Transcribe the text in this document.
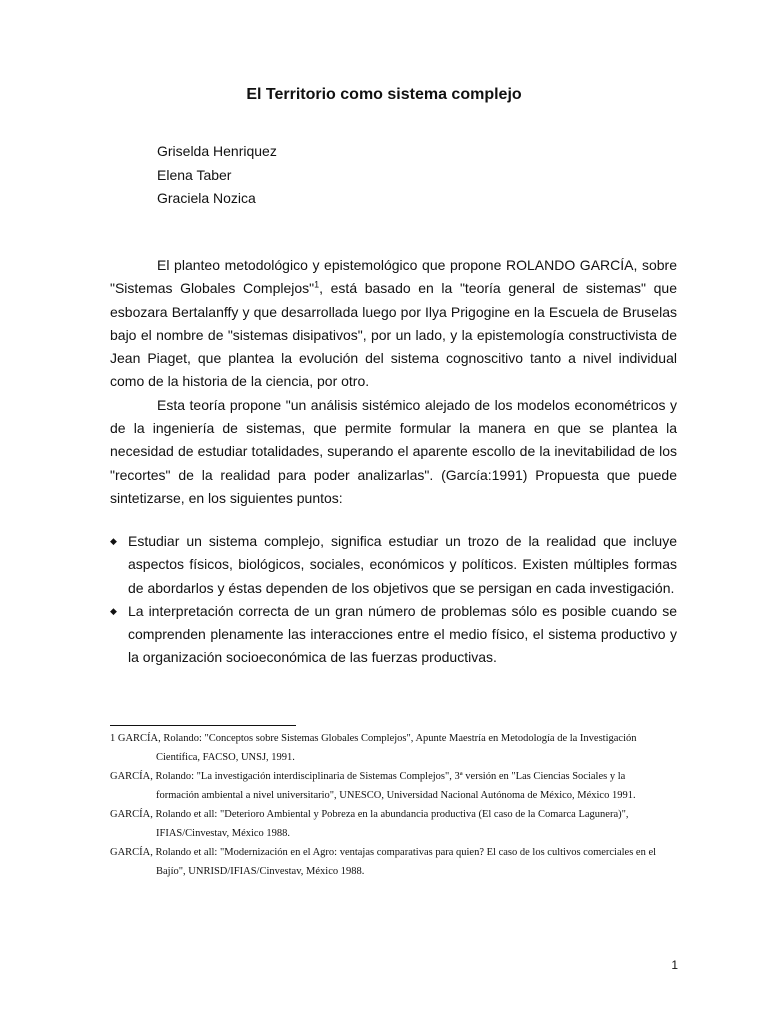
El Territorio como sistema complejo
Griselda Henriquez
Elena Taber
Graciela Nozica

El planteo metodológico y epistemológico que propone ROLANDO GARCÍA, sobre "Sistemas Globales Complejos"$^1$, está basado en la "teoría general de sistemas" que esbozara Bertalanffy y que desarrollada luego por Ilya Prigogine en la Escuela de Bruselas bajo el nombre de "sistemas disipativos", por un lado, y la epistemología constructivista de Jean Piaget, que plantea la evolución del sistema cognoscitivo tanto a nivel individual como de la historia de la ciencia, por otro.

Esta teoría propone "un análisis sistémico alejado de los modelos econométricos y de la ingeniería de sistemas, que permite formular la manera en que se plantea la necesidad de estudiar totalidades, superando el aparente escollo de la inevitabilidad de los "recortes" de la realidad para poder analizarlas". (García:1991) Propuesta que puede sintetizarse, en los siguientes puntos:

◆ Estudiar un sistema complejo, significa estudiar un trozo de la realidad que incluye aspectos físicos, biológicos, sociales, económicos y políticos. Existen múltiples formas de abordarlos y éstas dependen de los objetivos que se persigan en cada investigación.
◆ La interpretación correcta de un gran número de problemas sólo es posible cuando se comprenden plenamente las interacciones entre el medio físico, el sistema productivo y la organización socioeconómica de las fuerzas productivas.
1 GARCÍA, Rolando: "Conceptos sobre Sistemas Globales Complejos", Apunte Maestría en Metodología de la Investigación Científica, FACSO, UNSJ, 1991.
GARCÍA, Rolando: "La investigación interdisciplinaria de Sistemas Complejos", 3ª versión en "Las Ciencias Sociales y la formación ambiental a nivel universitario", UNESCO, Universidad Nacional Autónoma de México, México 1991.
GARCÍA, Rolando et all: "Deterioro Ambiental y Pobreza en la abundancia productiva (El caso de la Comarca Lagunera)", IFIAS/Cinvestav, México 1988.
GARCÍA, Rolando et all: "Modernización en el Agro: ventajas comparativas para quien? El caso de los cultivos comerciales en el Bajío", UNRISD/IFIAS/Cinvestav, México 1988.
1
